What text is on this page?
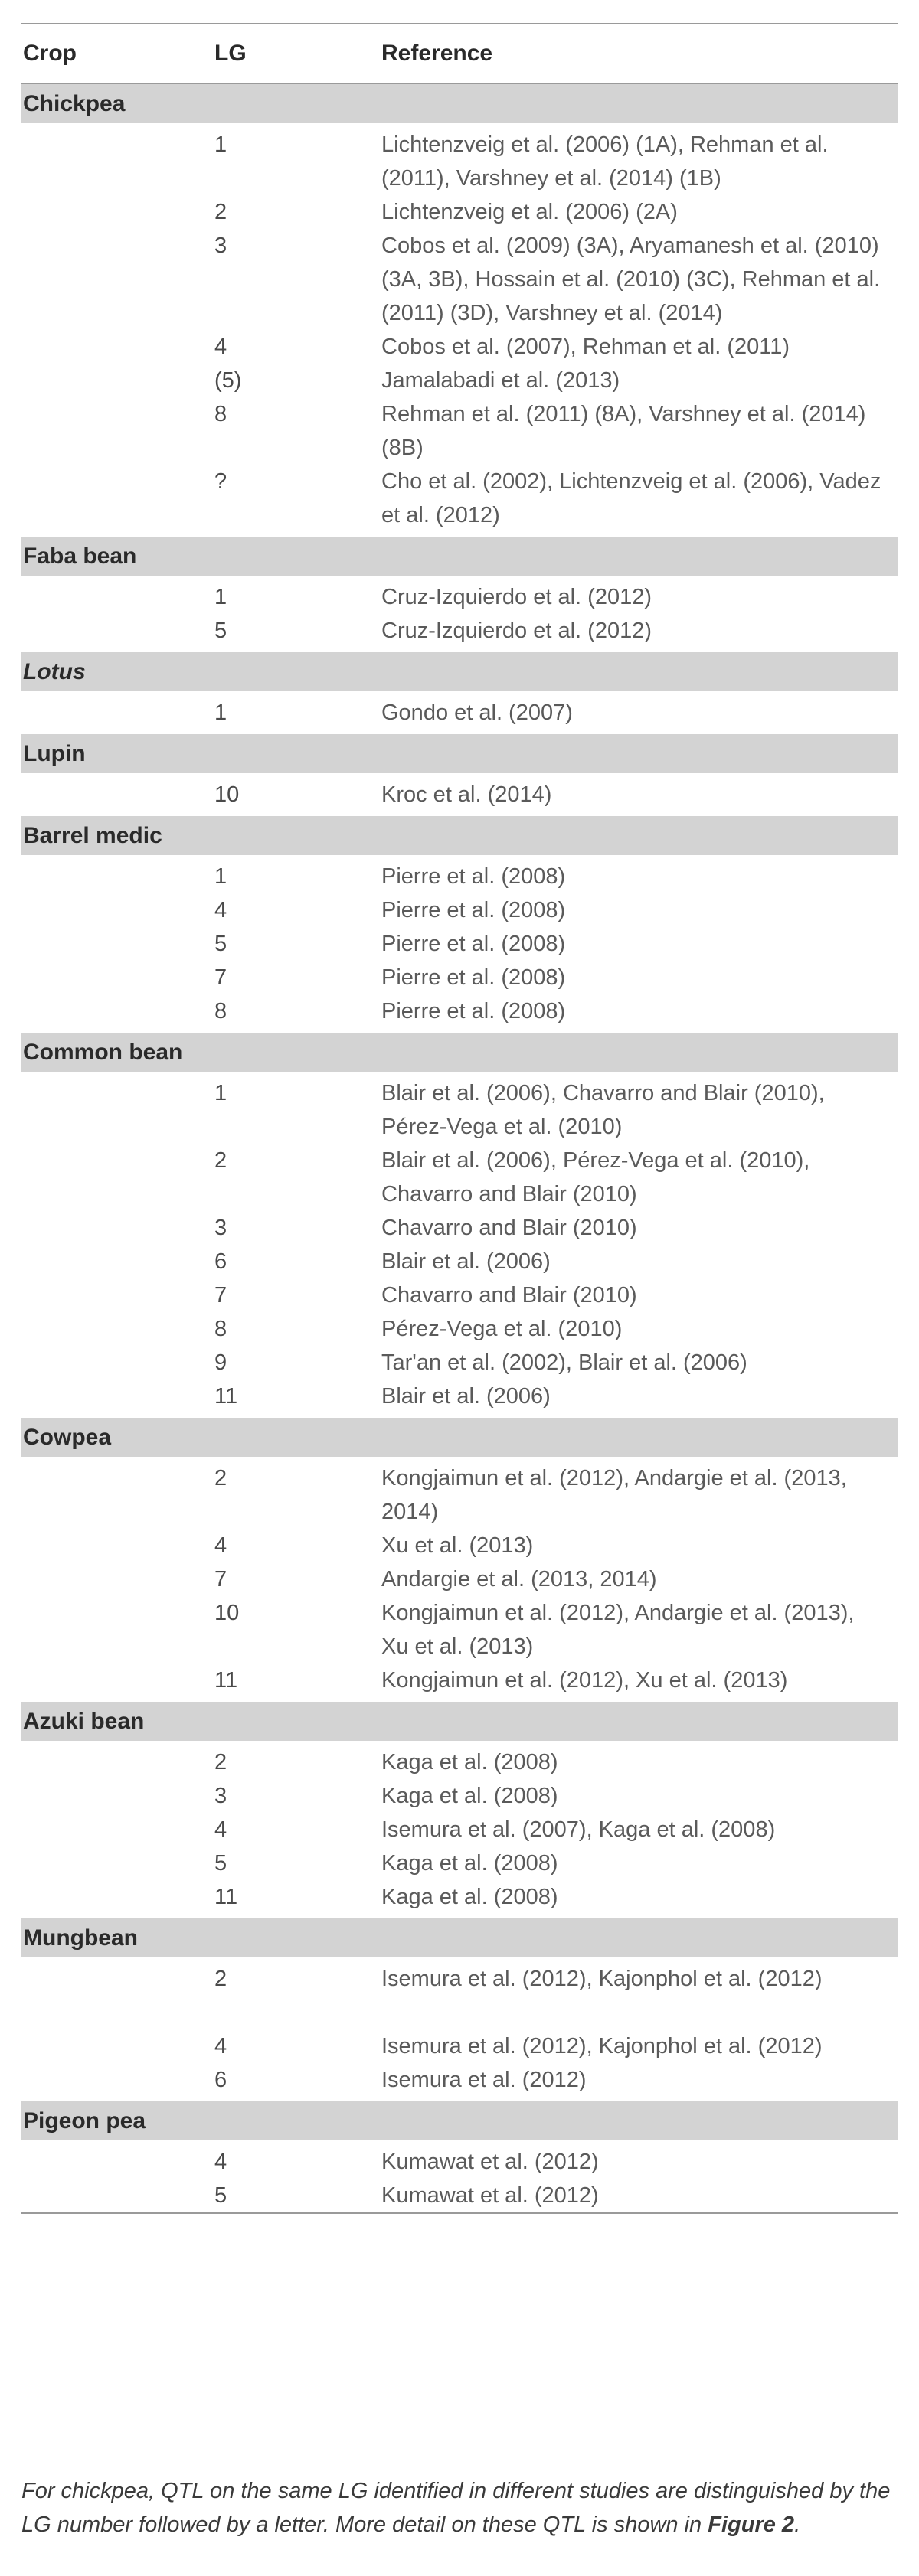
Crop	LG	Reference
Chickpea
1	Lichtenzveig et al. (2006) (1A), Rehman et al. (2011), Varshney et al. (2014) (1B)
2	Lichtenzveig et al. (2006) (2A)
3	Cobos et al. (2009) (3A), Aryamanesh et al. (2010) (3A, 3B), Hossain et al. (2010) (3C), Rehman et al. (2011) (3D), Varshney et al. (2014)
4	Cobos et al. (2007), Rehman et al. (2011)
(5)	Jamalabadi et al. (2013)
8	Rehman et al. (2011) (8A), Varshney et al. (2014) (8B)
?	Cho et al. (2002), Lichtenzveig et al. (2006), Vadez et al. (2012)
Faba bean
1	Cruz-Izquierdo et al. (2012)
5	Cruz-Izquierdo et al. (2012)
Lotus
1	Gondo et al. (2007)
Lupin
10	Kroc et al. (2014)
Barrel medic
1	Pierre et al. (2008)
4	Pierre et al. (2008)
5	Pierre et al. (2008)
7	Pierre et al. (2008)
8	Pierre et al. (2008)
Common bean
1	Blair et al. (2006), Chavarro and Blair (2010), Pérez-Vega et al. (2010)
2	Blair et al. (2006), Pérez-Vega et al. (2010), Chavarro and Blair (2010)
3	Chavarro and Blair (2010)
6	Blair et al. (2006)
7	Chavarro and Blair (2010)
8	Pérez-Vega et al. (2010)
9	Tar'an et al. (2002), Blair et al. (2006)
11	Blair et al. (2006)
Cowpea
2	Kongjaimun et al. (2012), Andargie et al. (2013, 2014)
4	Xu et al. (2013)
7	Andargie et al. (2013, 2014)
10	Kongjaimun et al. (2012), Andargie et al. (2013), Xu et al. (2013)
11	Kongjaimun et al. (2012), Xu et al. (2013)
Azuki bean
2	Kaga et al. (2008)
3	Kaga et al. (2008)
4	Isemura et al. (2007), Kaga et al. (2008)
5	Kaga et al. (2008)
11	Kaga et al. (2008)
Mungbean
2	Isemura et al. (2012), Kajonphol et al. (2012)
4	Isemura et al. (2012), Kajonphol et al. (2012)
6	Isemura et al. (2012)
Pigeon pea
4	Kumawat et al. (2012)
5	Kumawat et al. (2012)
For chickpea, QTL on the same LG identified in different studies are distinguished by the LG number followed by a letter. More detail on these QTL is shown in Figure 2.
